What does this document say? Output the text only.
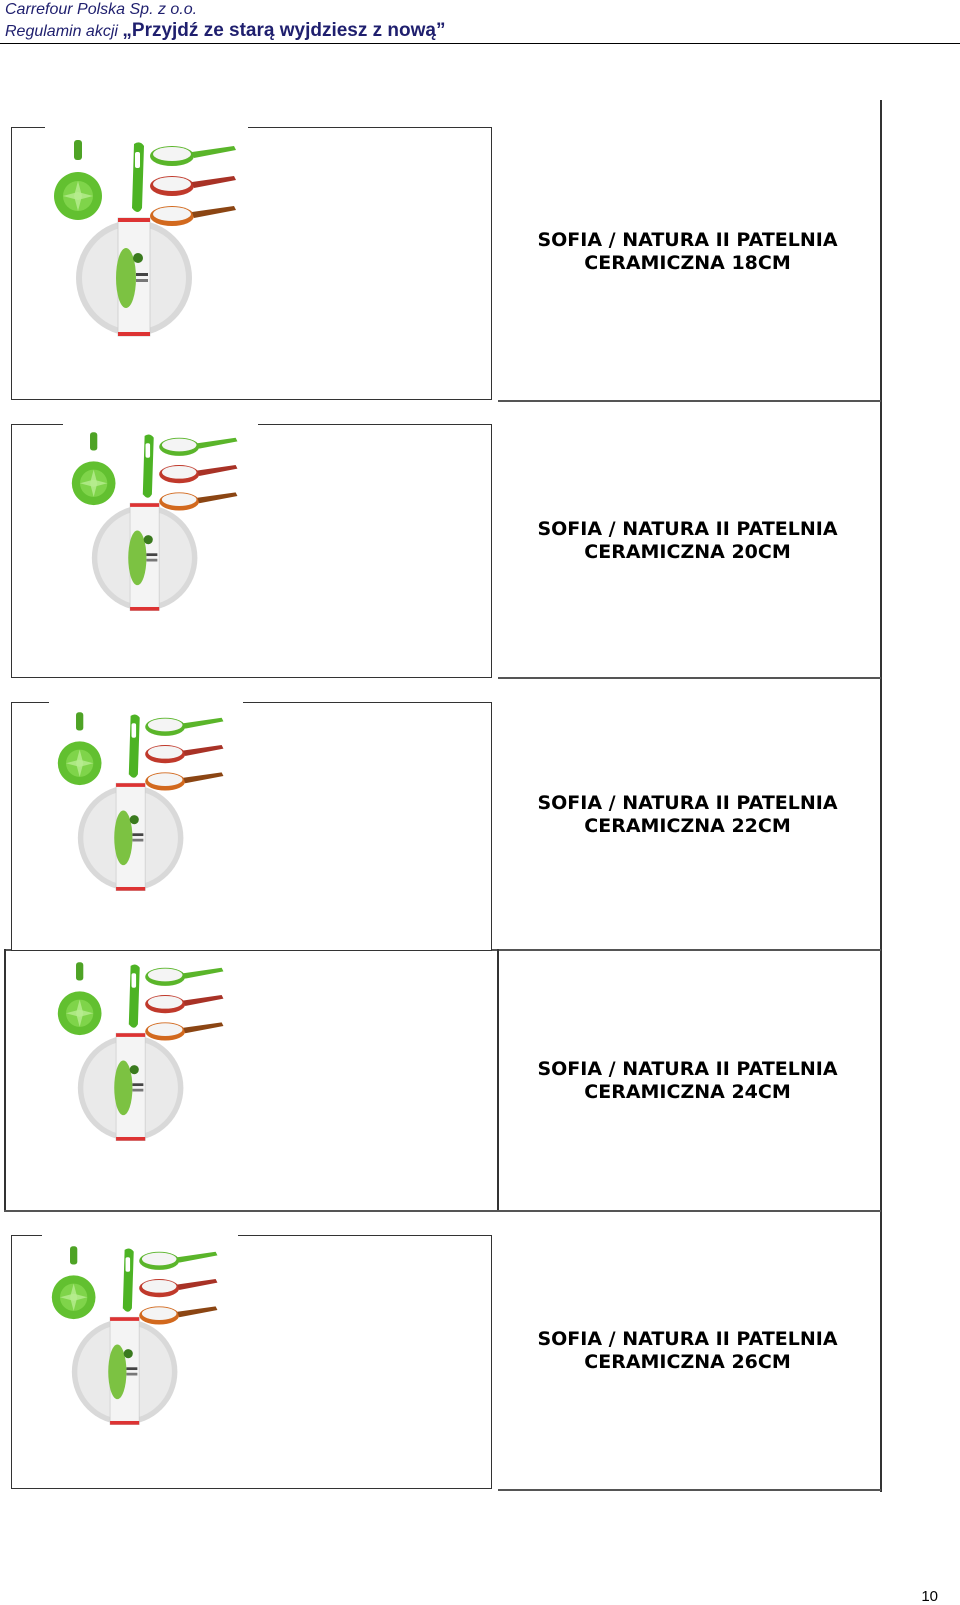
Carrefour Polska Sp. z o.o.
Regulamin akcji „Przyjdź ze starą wyjdziesz z nową”
SOFIA / NATURA II PATELNIA
CERAMICZNA 18CM
SOFIA / NATURA II PATELNIA
CERAMICZNA 20CM
SOFIA / NATURA II PATELNIA
CERAMICZNA 22CM
SOFIA / NATURA II PATELNIA
CERAMICZNA 24CM
SOFIA / NATURA II PATELNIA
CERAMICZNA 26CM
10
